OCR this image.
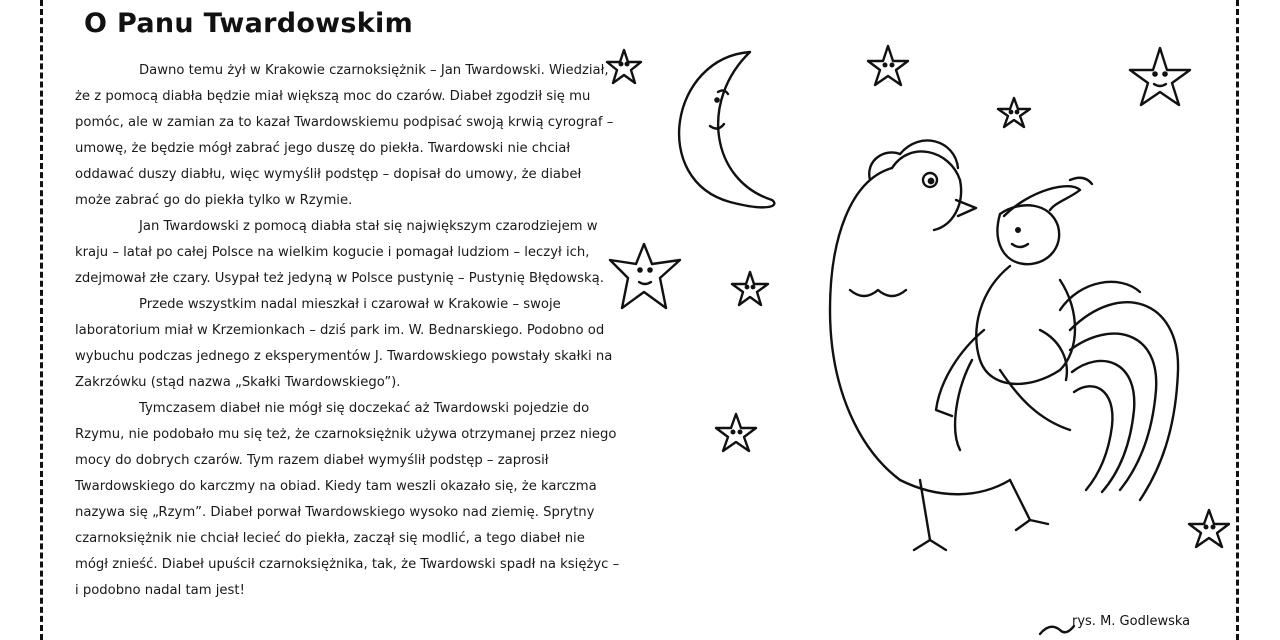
O Panu Twardowskim

Dawno temu żył w Krakowie czarnoksiężnik – Jan Twardowski. Wiedział, że z pomocą diabła będzie miał większą moc do czarów. Diabeł zgodził się mu pomóc, ale w zamian za to kazał Twardowskiemu podpisać swoją krwią cyrograf – umowę, że będzie mógł zabrać jego duszę do piekła. Twardowski nie chciał oddawać duszy diabłu, więc wymyślił podstęp – dopisał do umowy, że diabeł może zabrać go do piekła tylko w Rzymie.

Jan Twardowski z pomocą diabła stał się największym czarodziejem w kraju – latał po całej Polsce na wielkim kogucie i pomagał ludziom – leczył ich, zdejmował złe czary. Usypał też jedyną w Polsce pustynię – Pustynię Błędowską.

Przede wszystkim nadal mieszkał i czarował w Krakowie – swoje laboratorium miał w Krzemionkach – dziś park im. W. Bednarskiego. Podobno od wybuchu podczas jednego z eksperymentów J. Twardowskiego powstały skałki na Zakrzówku (stąd nazwa „Skałki Twardowskiego”).

Tymczasem diabeł nie mógł się doczekać aż Twardowski pojedzie do Rzymu, nie podobało mu się też, że czarnoksiężnik używa otrzymanej przez niego mocy do dobrych czarów. Tym razem diabeł wymyślił podstęp – zaprosił Twardowskiego do karczmy na obiad. Kiedy tam weszli okazało się, że karczma nazywa się „Rzym”. Diabeł porwał Twardowskiego wysoko nad ziemię. Sprytny czarnoksiężnik nie chciał lecieć do piekła, zaczął się modlić, a tego diabeł nie mógł znieść. Diabeł upuścił czarnoksiężnika, tak, że Twardowski spadł na księżyc – i podobno nadal tam jest!

rys. M. Godlewska
